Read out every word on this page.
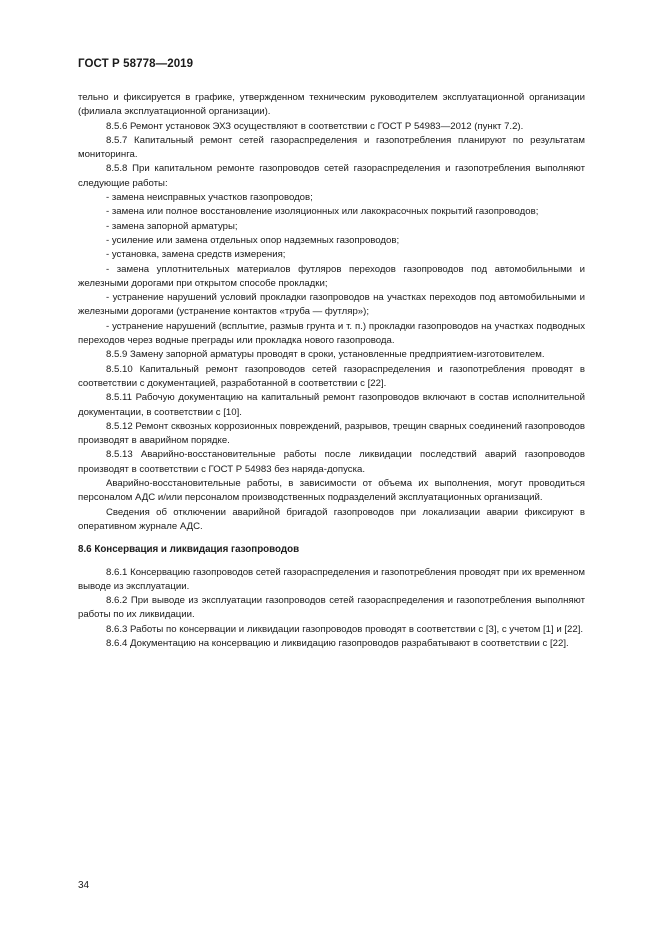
ГОСТ Р 58778—2019

тельно и фиксируется в графике, утвержденном техническим руководителем эксплуатационной организации (филиала эксплуатационной организации).

8.5.6 Ремонт установок ЭХЗ осуществляют в соответствии с ГОСТ Р 54983—2012 (пункт 7.2).

8.5.7 Капитальный ремонт сетей газораспределения и газопотребления планируют по результатам мониторинга.

8.5.8 При капитальном ремонте газопроводов сетей газораспределения и газопотребления выполняют следующие работы:

- замена неисправных участков газопроводов;

- замена или полное восстановление изоляционных или лакокрасочных покрытий газопроводов;

- замена запорной арматуры;

- усиление или замена отдельных опор надземных газопроводов;

- установка, замена средств измерения;

- замена уплотнительных материалов футляров переходов газопроводов под автомобильными и железными дорогами при открытом способе прокладки;

- устранение нарушений условий прокладки газопроводов на участках переходов под автомобильными и железными дорогами (устранение контактов «труба — футляр»);

- устранение нарушений (всплытие, размыв грунта и т. п.) прокладки газопроводов на участках подводных переходов через водные преграды или прокладка нового газопровода.

8.5.9 Замену запорной арматуры проводят в сроки, установленные предприятием-изготовителем.

8.5.10 Капитальный ремонт газопроводов сетей газораспределения и газопотребления проводят в соответствии с документацией, разработанной в соответствии с [22].

8.5.11 Рабочую документацию на капитальный ремонт газопроводов включают в состав исполнительной документации, в соответствии с [10].

8.5.12 Ремонт сквозных коррозионных повреждений, разрывов, трещин сварных соединений газопроводов производят в аварийном порядке.

8.5.13 Аварийно-восстановительные работы после ликвидации последствий аварий газопроводов производят в соответствии с ГОСТ Р 54983 без наряда-допуска.

Аварийно-восстановительные работы, в зависимости от объема их выполнения, могут проводиться персоналом АДС и/или персоналом производственных подразделений эксплуатационных организаций.

Сведения об отключении аварийной бригадой газопроводов при локализации аварии фиксируют в оперативном журнале АДС.

8.6 Консервация и ликвидация газопроводов

8.6.1 Консервацию газопроводов сетей газораспределения и газопотребления проводят при их временном выводе из эксплуатации.

8.6.2 При выводе из эксплуатации газопроводов сетей газораспределения и газопотребления выполняют работы по их ликвидации.

8.6.3 Работы по консервации и ликвидации газопроводов проводят в соответствии с [3], с учетом [1] и [22].

8.6.4 Документацию на консервацию и ликвидацию газопроводов разрабатывают в соответствии с [22].

34
